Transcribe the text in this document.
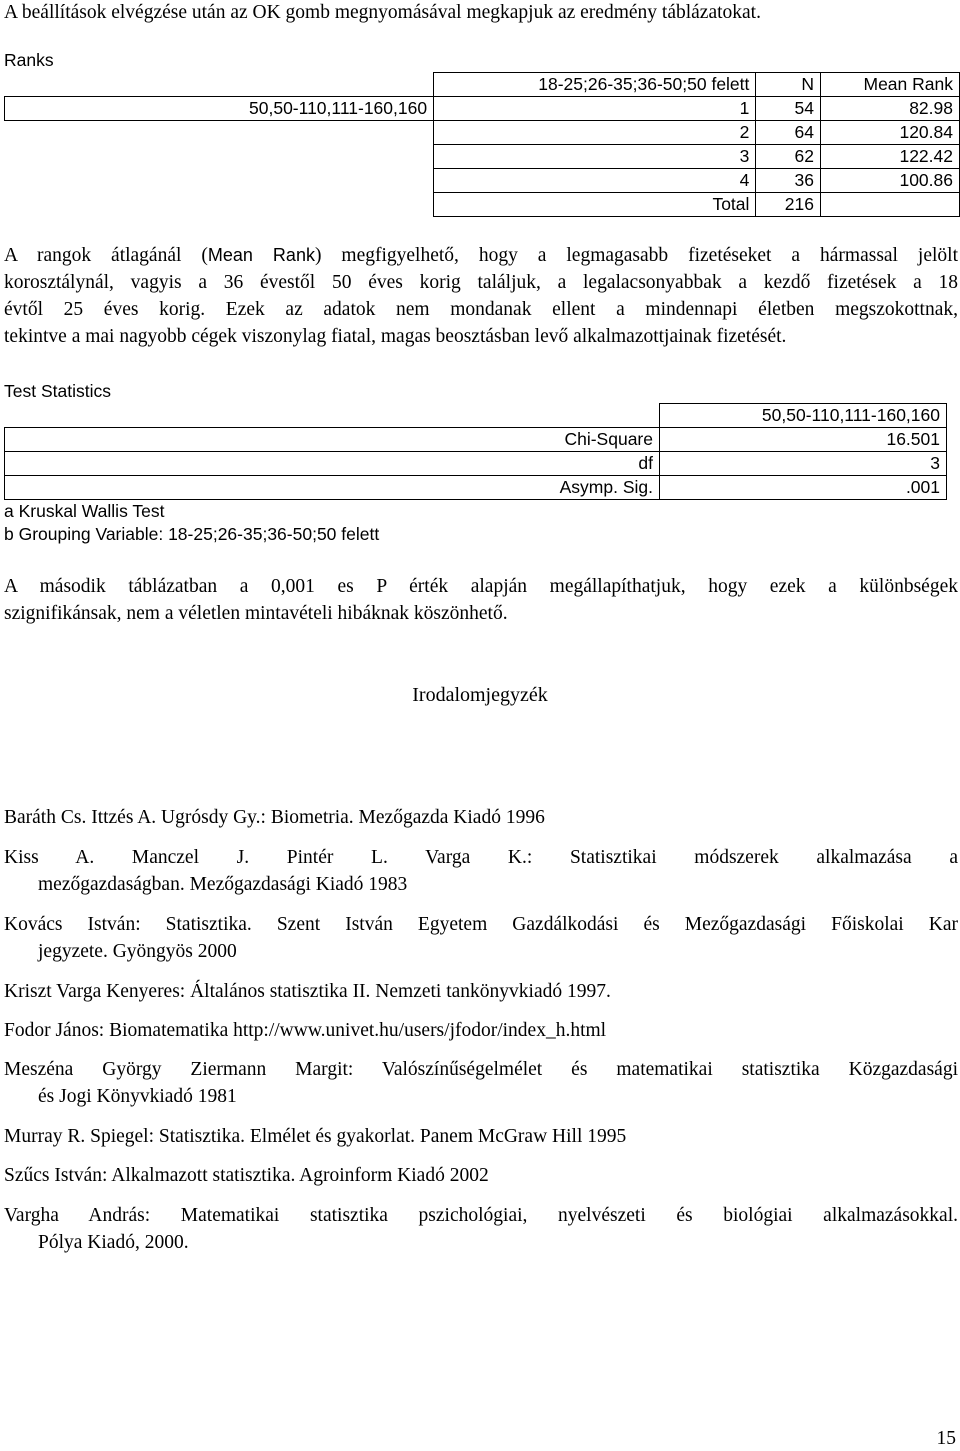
A beállítások elvégzése után az OK gomb megnyomásával megkapjuk az eredmény táblázatokat.
Ranks
	18-25;26-35;36-50;50 felett	N	Mean Rank
50,50-110,111-160,160	1	54	82.98
	2	64	120.84
	3	62	122.42
	4	36	100.86
	Total	216	
A rangok átlagánál (Mean Rank) megfigyelhető, hogy a legmagasabb fizetéseket a hármassal jelölt
korosztálynál, vagyis a 36 évestől 50 éves korig találjuk, a legalacsonyabbak a kezdő fizetések a 18
évtől 25 éves korig. Ezek az adatok nem mondanak ellent a mindennapi életben megszokottnak,
tekintve a mai nagyobb cégek viszonylag fiatal, magas beosztásban levő alkalmazottjainak fizetését.
Test Statistics
	50,50-110,111-160,160
Chi-Square	16.501
df	3
Asymp. Sig.	.001
a Kruskal Wallis Test
b Grouping Variable: 18-25;26-35;36-50;50 felett
A második táblázatban a 0,001 es P érték alapján megállapíthatjuk, hogy ezek a különbségek
szignifikánsak, nem a véletlen mintavételi hibáknak köszönhető.
Irodalomjegyzék
Baráth Cs. Ittzés A. Ugrósdy Gy.: Biometria. Mezőgazda Kiadó 1996
Kiss A. Manczel J. Pintér L. Varga K.: Statisztikai módszerek alkalmazása a
mezőgazdaságban. Mezőgazdasági Kiadó 1983
Kovács István: Statisztika. Szent István Egyetem Gazdálkodási és Mezőgazdasági Főiskolai Kar
jegyzete. Gyöngyös 2000
Kriszt Varga Kenyeres: Általános statisztika II. Nemzeti tankönyvkiadó 1997.
Fodor János: Biomatematika http://www.univet.hu/users/jfodor/index_h.html
Meszéna György Ziermann Margit: Valószínűségelmélet és matematikai statisztika Közgazdasági
és Jogi Könyvkiadó 1981
Murray R. Spiegel: Statisztika. Elmélet és gyakorlat. Panem McGraw Hill 1995
Szűcs István: Alkalmazott statisztika. Agroinform Kiadó 2002
Vargha András: Matematikai statisztika pszichológiai, nyelvészeti és biológiai alkalmazásokkal.
Pólya Kiadó, 2000.
15
